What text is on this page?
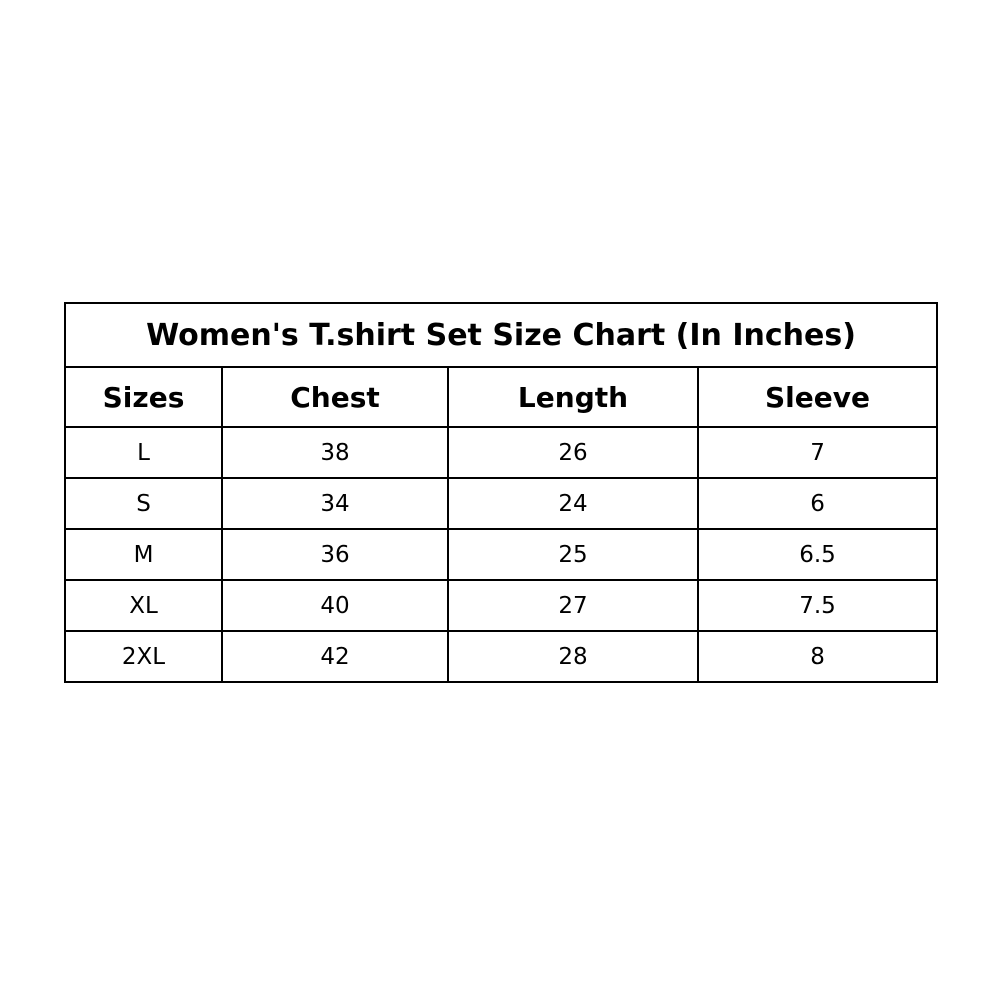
Women's T.shirt Set Size Chart (In Inches)			
Sizes	Chest	Length	Sleeve
L	38	26	7
S	34	24	6
M	36	25	6.5
XL	40	27	7.5
2XL	42	28	8
